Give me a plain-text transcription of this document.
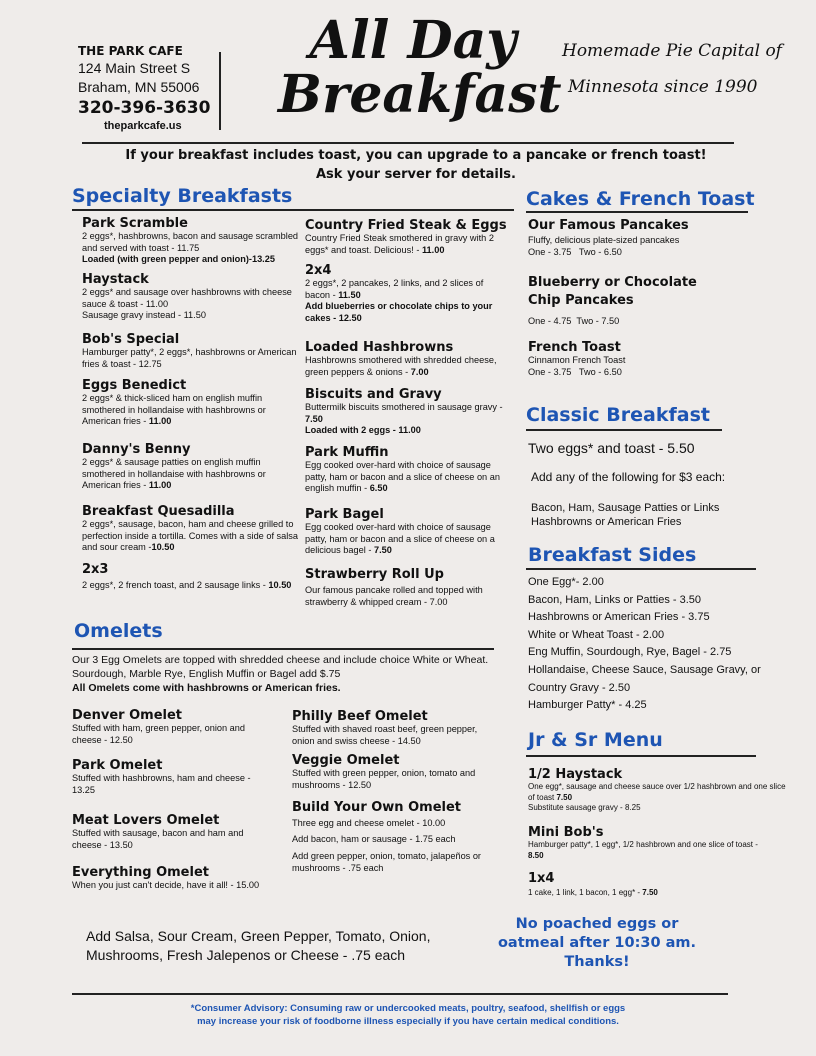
THE PARK CAFE
124 Main Street S
Braham, MN 55006
320-396-3630
theparkcafe.us
All Day
Breakfast
Homemade Pie Capital of
Minnesota since 1990
If your breakfast includes toast, you can upgrade to a pancake or french toast!
Ask your server for details.
Specialty Breakfasts
Park Scramble
2 eggs*, hashbrowns, bacon and sausage scrambled and served with toast - 11.75
Loaded (with green pepper and onion)-13.25
Haystack
2 eggs* and sausage over hashbrowns with cheese sauce & toast - 11.00
Sausage gravy instead - 11.50
Bob's Special
Hamburger patty*, 2 eggs*, hashbrowns or American fries & toast - 12.75
Eggs Benedict
2 eggs* & thick-sliced ham on english muffin smothered in hollandaise with hashbrowns or American fries - 11.00
Danny's Benny
2 eggs* & sausage patties on english muffin smothered in hollandaise with hashbrowns or American fries - 11.00
Breakfast Quesadilla
2 eggs*, sausage, bacon, ham and cheese grilled to perfection inside a tortilla. Comes with a side of salsa and sour cream -10.50
2x3
2 eggs*, 2 french toast, and 2 sausage links - 10.50
Country Fried Steak & Eggs
Country Fried Steak smothered in gravy with 2 eggs* and toast. Delicious! - 11.00
2x4
2 eggs*, 2 pancakes, 2 links, and 2 slices of bacon - 11.50
Add blueberries or chocolate chips to your cakes - 12.50
Loaded Hashbrowns
Hashbrowns smothered with shredded cheese, green peppers & onions - 7.00
Biscuits and Gravy
Buttermilk biscuits smothered in sausage gravy - 7.50
Loaded with 2 eggs - 11.00
Park Muffin
Egg cooked over-hard with choice of sausage patty, ham or bacon and a slice of cheese on an english muffin - 6.50
Park Bagel
Egg cooked over-hard with choice of sausage patty, ham or bacon and a slice of cheese on a delicious bagel - 7.50
Strawberry Roll Up
Our famous pancake rolled and topped with strawberry & whipped cream - 7.00
Omelets
Our 3 Egg Omelets are topped with shredded cheese and include choice White or Wheat. Sourdough, Marble Rye, English Muffin or Bagel add $.75
All Omelets come with hashbrowns or American fries.
Denver Omelet
Stuffed with ham, green pepper, onion and cheese - 12.50
Park Omelet
Stuffed with hashbrowns, ham and cheese - 13.25
Meat Lovers Omelet
Stuffed with sausage, bacon and ham and cheese - 13.50
Everything Omelet
When you just can't decide, have it all! - 15.00
Philly Beef Omelet
Stuffed with shaved roast beef, green pepper, onion and swiss cheese - 14.50
Veggie Omelet
Stuffed with green pepper, onion, tomato and mushrooms - 12.50
Build Your Own Omelet
Three egg and cheese omelet - 10.00
Add bacon, ham or sausage - 1.75 each
Add green pepper, onion, tomato, jalapeños or mushrooms - .75 each
Add Salsa, Sour Cream, Green Pepper, Tomato, Onion, Mushrooms, Fresh Jalepenos or Cheese - .75 each
Cakes & French Toast
Our Famous Pancakes
Fluffy, delicious plate-sized pancakes
One - 3.75   Two - 6.50
Blueberry or Chocolate Chip Pancakes
One - 4.75  Two - 7.50
French Toast
Cinnamon French Toast
One - 3.75   Two - 6.50
Classic Breakfast
Two eggs* and toast - 5.50
Add any of the following for $3 each:
Bacon, Ham, Sausage Patties or Links Hashbrowns or American Fries
Breakfast Sides
One Egg*- 2.00
Bacon, Ham, Links or Patties - 3.50
Hashbrowns or American Fries - 3.75
White or Wheat Toast - 2.00
Eng Muffin, Sourdough, Rye, Bagel - 2.75
Hollandaise, Cheese Sauce, Sausage Gravy, or
Country Gravy - 2.50
Hamburger Patty* - 4.25
Jr & Sr Menu
1/2 Haystack
One egg*, sausage and cheese sauce over 1/2 hashbrown and one slice of toast 7.50
Substitute sausage gravy - 8.25
Mini Bob's
Hamburger patty*, 1 egg*, 1/2 hashbrown and one slice of toast - 8.50
1x4
1 cake, 1 link, 1 bacon, 1 egg* - 7.50
No poached eggs or
oatmeal after 10:30 am.
Thanks!
*Consumer Advisory: Consuming raw or undercooked meats, poultry, seafood, shellfish or eggs
may increase your risk of foodborne illness especially if you have certain medical conditions.
